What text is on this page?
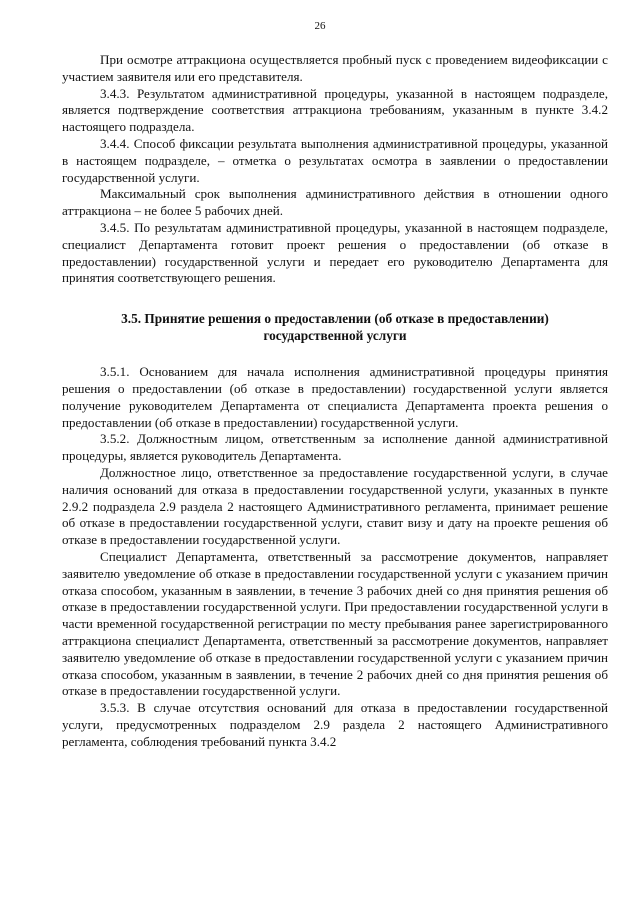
26

При осмотре аттракциона осуществляется пробный пуск с проведением видеофиксации с участием заявителя или его представителя.

3.4.3. Результатом административной процедуры, указанной в настоящем подразделе, является подтверждение соответствия аттракциона требованиям, указанным в пункте 3.4.2 настоящего подраздела.

3.4.4. Способ фиксации результата выполнения административной процедуры, указанной в настоящем подразделе, – отметка о результатах осмотра в заявлении о предоставлении государственной услуги.

Максимальный срок выполнения административного действия в отношении одного аттракциона – не более 5 рабочих дней.

3.4.5. По результатам административной процедуры, указанной в настоящем подразделе, специалист Департамента готовит проект решения о предоставлении (об отказе в предоставлении) государственной услуги и передает его руководителю Департамента для принятия соответствующего решения.

3.5. Принятие решения о предоставлении (об отказе в предоставлении) государственной услуги

3.5.1. Основанием для начала исполнения административной процедуры принятия решения о предоставлении (об отказе в предоставлении) государственной услуги является получение руководителем Департамента от специалиста Департамента проекта решения о предоставлении (об отказе в предоставлении) государственной услуги.

3.5.2. Должностным лицом, ответственным за исполнение данной административной процедуры, является руководитель Департамента.

Должностное лицо, ответственное за предоставление государственной услуги, в случае наличия оснований для отказа в предоставлении государственной услуги, указанных в пункте 2.9.2 подраздела 2.9 раздела 2 настоящего Административного регламента, принимает решение об отказе в предоставлении государственной услуги, ставит визу и дату на проекте решения об отказе в предоставлении государственной услуги.

Специалист Департамента, ответственный за рассмотрение документов, направляет заявителю уведомление об отказе в предоставлении государственной услуги с указанием причин отказа способом, указанным в заявлении, в течение 3 рабочих дней со дня принятия решения об отказе в предоставлении государственной услуги. При предоставлении государственной услуги в части временной государственной регистрации по месту пребывания ранее зарегистрированного аттракциона специалист Департамента, ответственный за рассмотрение документов, направляет заявителю уведомление об отказе в предоставлении государственной услуги с указанием причин отказа способом, указанным в заявлении, в течение 2 рабочих дней со дня принятия решения об отказе в предоставлении государственной услуги.

3.5.3. В случае отсутствия оснований для отказа в предоставлении государственной услуги, предусмотренных подразделом 2.9 раздела 2 настоящего Административного регламента, соблюдения требований пункта 3.4.2
